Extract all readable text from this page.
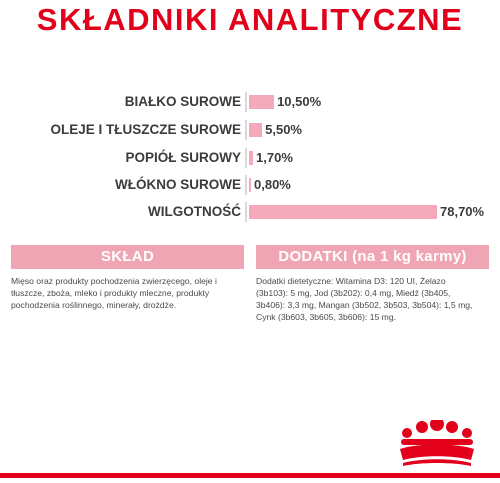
SKŁADNIKI ANALITYCZNE
BIAŁKO SUROWE	10,50%
OLEJE I TŁUSZCZE SUROWE 5,50%
POPIÓŁ SUROWY 1,70%
WŁÓKNO SUROWE 0,80%
WILGOTNOŚĆ	78,70%
SKŁAD
Mięso oraz produkty pochodzenia zwierzęcego, oleje i tłuszcze, zboża, mleko i produkty mleczne, produkty pochodzenia roślinnego, minerały, drożdże.
DODATKI (na 1 kg karmy)
Dodatki dietetyczne: Witamina D3: 120 UI, Żelazo (3b103): 5 mg, Jod (3b202): 0,4 mg, Miedź (3b405, 3b406): 3,3 mg, Mangan (3b502, 3b503, 3b504): 1,5 mg, Cynk (3b603, 3b605, 3b606): 15 mg.
